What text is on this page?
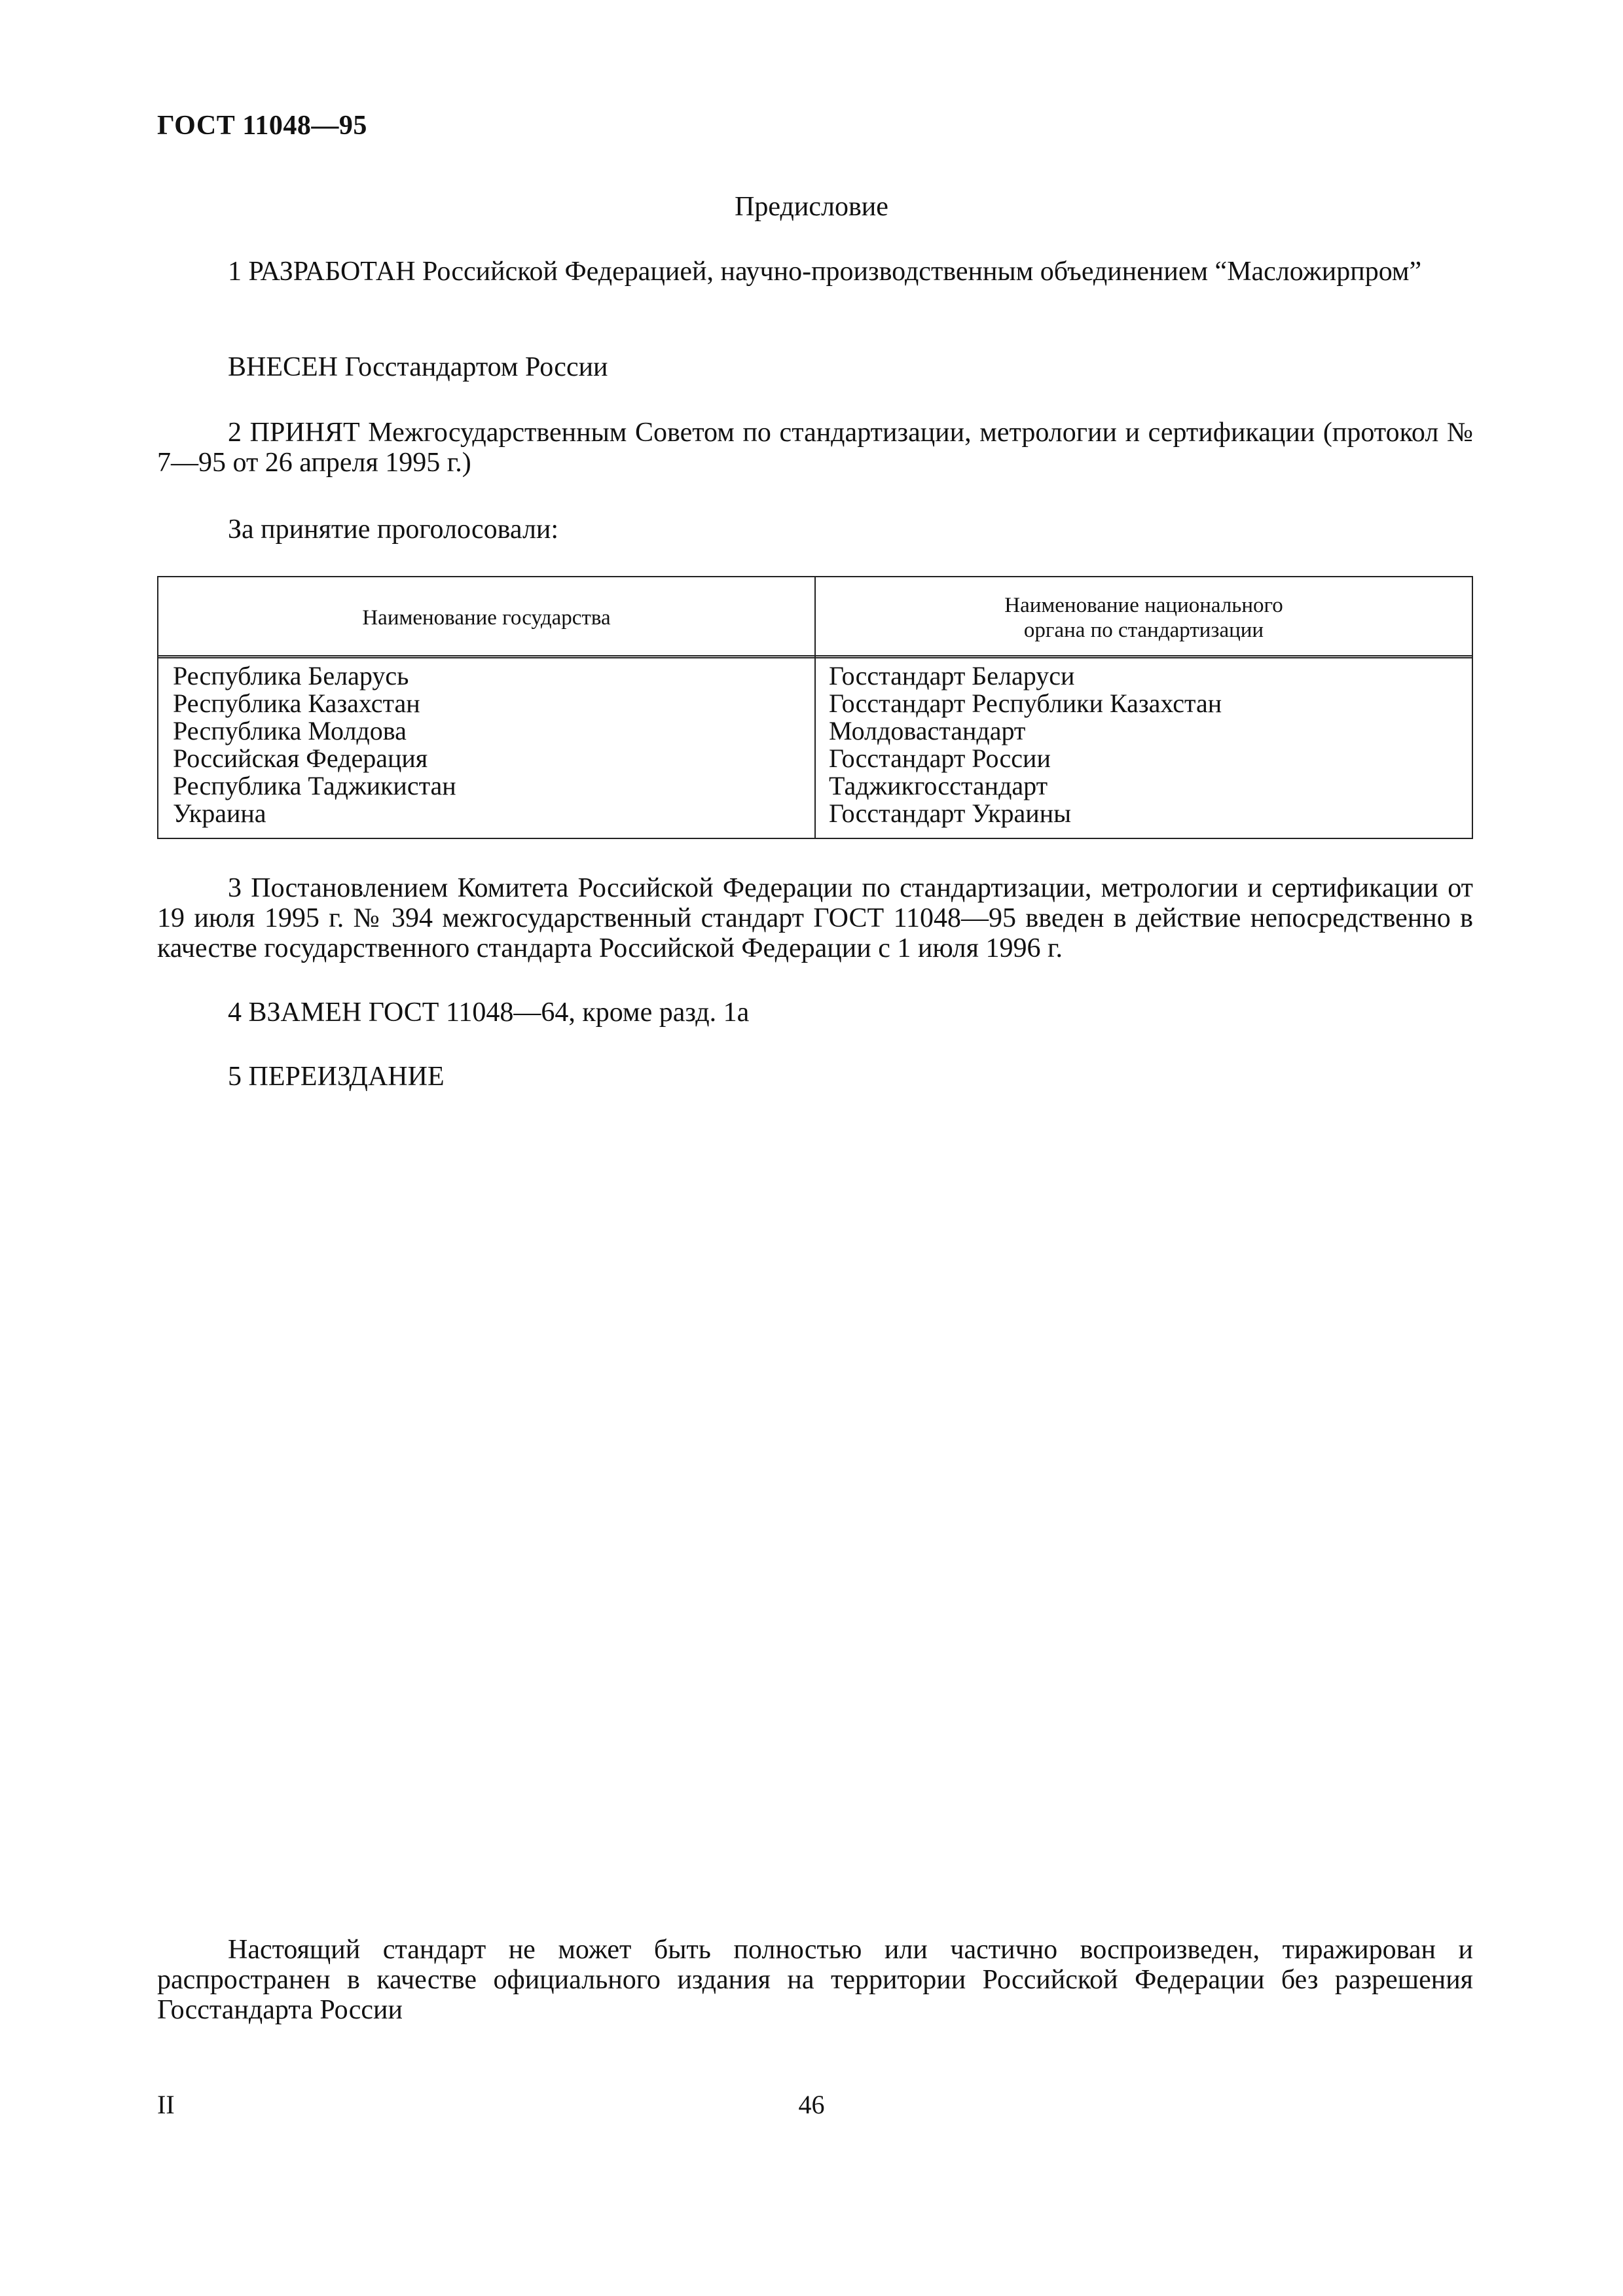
ГОСТ 11048—95
Предисловие

1 РАЗРАБОТАН Российской Федерацией, научно-производственным объединением “Масложирпром”

ВНЕСЕН Госстандартом России

2 ПРИНЯТ Межгосударственным Советом по стандартизации, метрологии и сертификации (протокол № 7—95 от 26 апреля 1995 г.)

За принятие проголосовали:

Наименование государства
Наименование национального
органа по стандартизации
Республика Беларусь
Республика Казахстан
Республика Молдова
Российская Федерация
Республика Таджикистан
Украина
Госстандарт Беларуси
Госстандарт Республики Казахстан
Молдовастандарт
Госстандарт России
Таджикгосстандарт
Госстандарт Украины

3 Постановлением Комитета Российской Федерации по стандартизации, метрологии и сертификации от 19 июля 1995 г. № 394 межгосударственный стандарт ГОСТ 11048—95 введен в действие непосредственно в качестве государственного стандарта Российской Федерации с 1 июля 1996 г.

4 ВЗАМЕН ГОСТ 11048—64, кроме разд. 1а

5 ПЕРЕИЗДАНИЕ

Настоящий стандарт не может быть полностью или частично воспроизведен, тиражирован и распространен в качестве официального издания на территории Российской Федерации без разрешения Госстандарта России

II	46
